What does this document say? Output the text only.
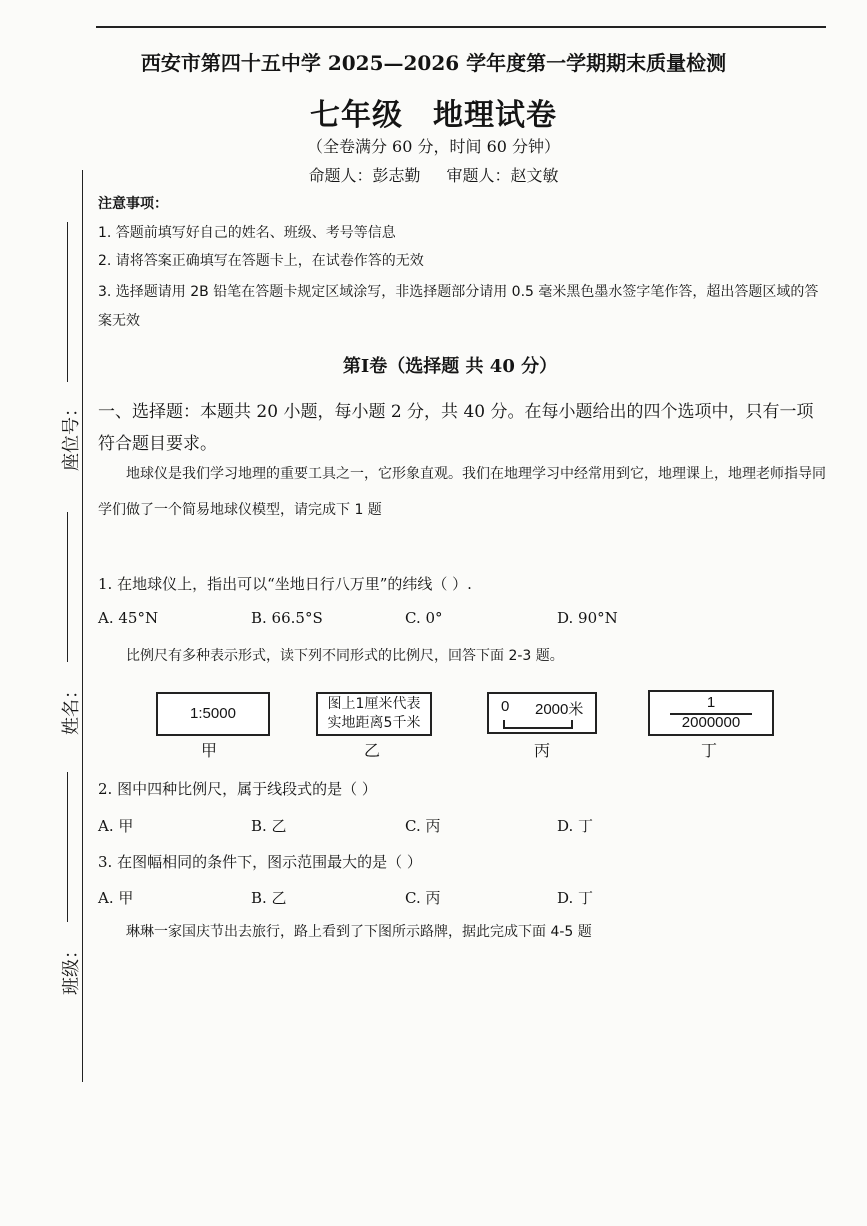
西安市第四十五中学 2025—2026 学年度第一学期期末质量检测
七年级 地理试卷
（全卷满分 60 分，时间 60 分钟）
命题人：彭志勤 审题人：赵文敏
注意事项：
1. 答题前填写好自己的姓名、班级、考号等信息
2. 请将答案正确填写在答题卡上，在试卷作答的无效
3. 选择题请用 2B 铅笔在答题卡规定区域涂写，非选择题部分请用 0.5 毫米黑色墨水签字笔作答，超出答题区域的答案无效
第Ⅰ卷（选择题 共 40 分）
一、选择题：本题共 20 小题，每小题 2 分，共 40 分。在每小题给出的四个选项中，只有一项符合题目要求。
地球仪是我们学习地理的重要工具之一，它形象直观。我们在地理学习中经常用到它，地理课上，地理老师指导同学们做了一个简易地球仪模型，请完成下 1 题
1. 在地球仪上，指出可以“坐地日行八万里”的纬线（ ）.
A. 45°N	B. 66.5°S	C. 0°	D. 90°N
比例尺有多种表示形式，读下列不同形式的比例尺，回答下面 2-3 题。
1:5000
甲
图上1厘米代表
实地距离5千米
乙
0 2000米
丙
1
2000000
丁
2. 图中四种比例尺，属于线段式的是（ ）
A. 甲	B. 乙	C. 丙	D. 丁
3. 在图幅相同的条件下，图示范围最大的是（ ）
A. 甲	B. 乙	C. 丙	D. 丁
琳琳一家国庆节出去旅行，路上看到了下图所示路牌，据此完成下面 4-5 题
座位号：
姓名：
班级：
